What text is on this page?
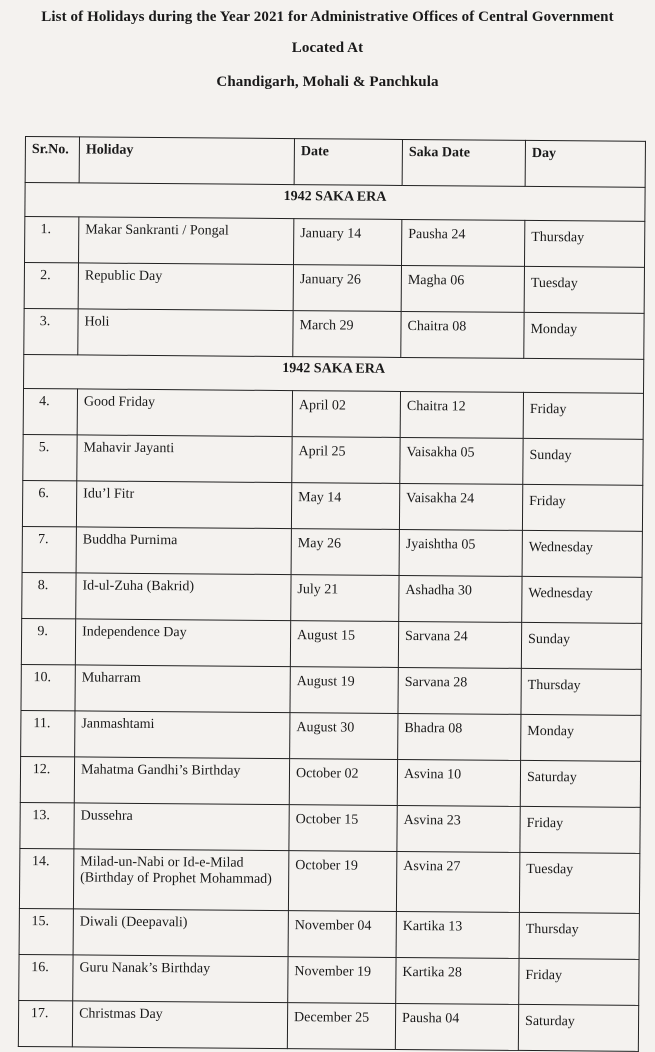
List of Holidays during the Year 2021 for Administrative Offices of Central Government
Located At
Chandigarh, Mohali & Panchkula
Sr.No.	Holiday	Date	Saka Date	Day
1942 SAKA ERA				
1.	Makar Sankranti / Pongal	January 14	Pausha 24	Thursday
2.	Republic Day	January 26	Magha 06	Tuesday
3.	Holi	March 29	Chaitra 08	Monday
1942 SAKA ERA				
4.	Good Friday	April 02	Chaitra 12	Friday
5.	Mahavir Jayanti	April 25	Vaisakha 05	Sunday
6.	Idu’l Fitr	May 14	Vaisakha 24	Friday
7.	Buddha Purnima	May 26	Jyaishtha 05	Wednesday
8.	Id-ul-Zuha (Bakrid)	July 21	Ashadha 30	Wednesday
9.	Independence Day	August 15	Sarvana 24	Sunday
10.	Muharram	August 19	Sarvana 28	Thursday
11.	Janmashtami	August 30	Bhadra 08	Monday
12.	Mahatma Gandhi’s Birthday	October 02	Asvina 10	Saturday
13.	Dussehra	October 15	Asvina 23	Friday
14.	Milad-un-Nabi or Id-e-Milad (Birthday of Prophet Mohammad)	October 19	Asvina 27	Tuesday
15.	Diwali (Deepavali)	November 04	Kartika 13	Thursday
16.	Guru Nanak’s Birthday	November 19	Kartika 28	Friday
17.	Christmas Day	December 25	Pausha 04	Saturday
